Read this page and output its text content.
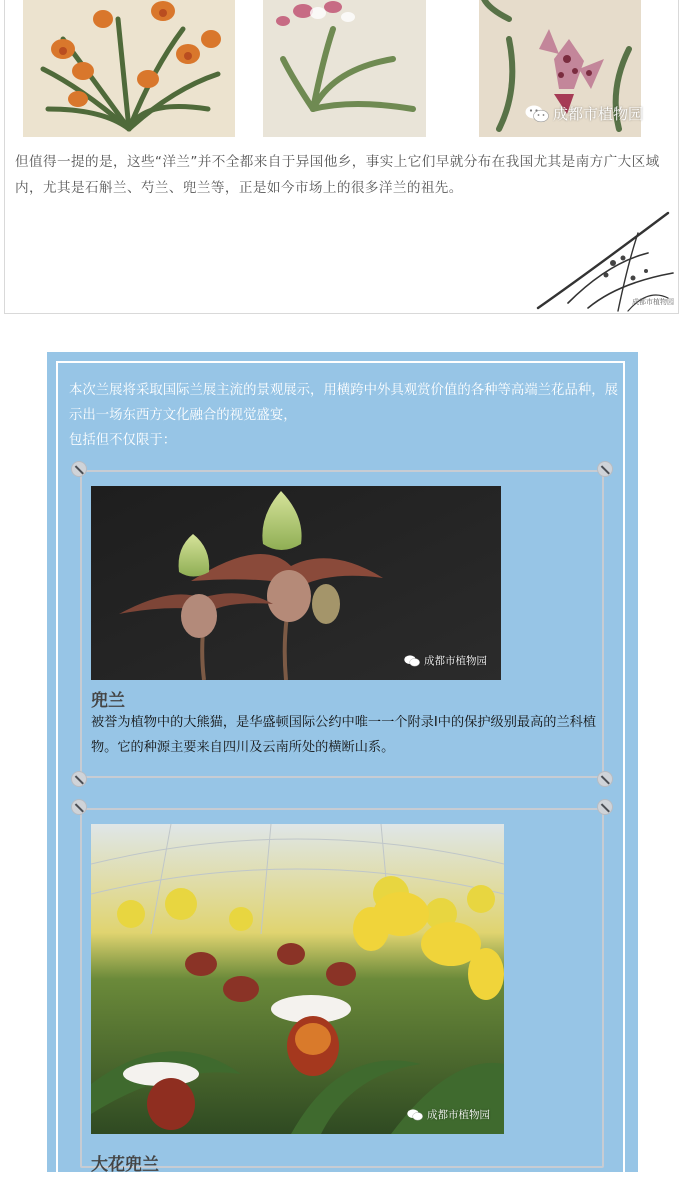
成都市植物园
但值得一提的是，这些“洋兰”并不全都来自于异国他乡，事实上它们早就分布在我国尤其是南方广大区域内，尤其是石斛兰、芍兰、兜兰等，正是如今市场上的很多洋兰的祖先。
成都市植物园

本次兰展将采取国际兰展主流的景观展示，用横跨中外具观赏价值的各种等高端兰花品种，展示出一场东西方文化融合的视觉盛宴，

包括但不仅限于：

成都市植物园
兜兰
被誉为植物中的大熊猫，是华盛顿国际公约中唯一一个附录Ⅰ中的保护级别最高的兰科植物。它的种源主要来自四川及云南所处的横断山系。
成都市植物园
大花兜兰
